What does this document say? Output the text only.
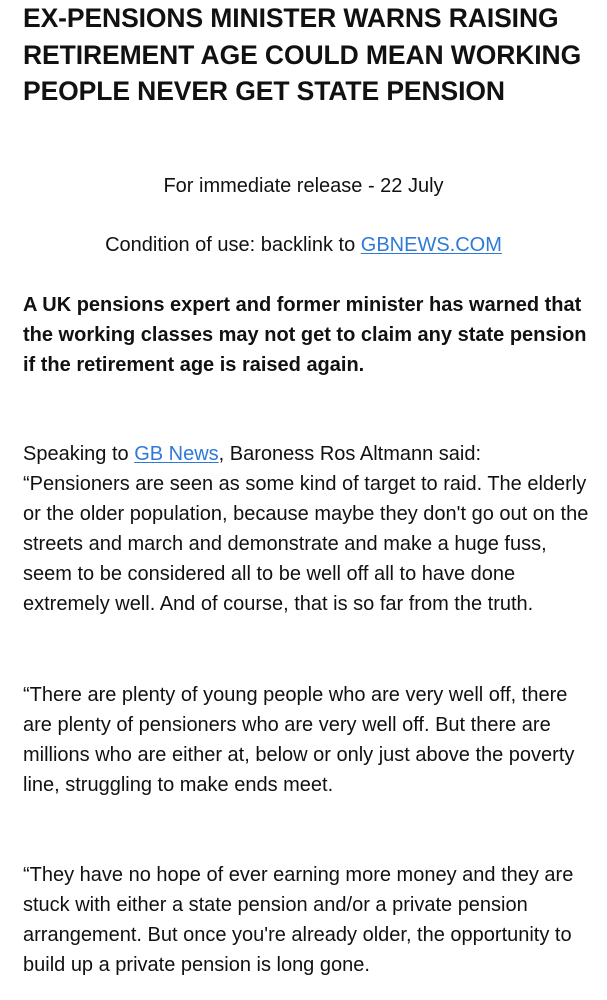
EX-PENSIONS MINISTER WARNS RAISING RETIREMENT AGE COULD MEAN WORKING PEOPLE NEVER GET STATE PENSION
For immediate release - 22 July
Condition of use: backlink to GBNEWS.COM

A UK pensions expert and former minister has warned that the working classes may not get to claim any state pension if the retirement age is raised again.

Speaking to GB News, Baroness Ros Altmann said: “Pensioners are seen as some kind of target to raid. The elderly or the older population, because maybe they don't go out on the streets and march and demonstrate and make a huge fuss, seem to be considered all to be well off all to have done extremely well. And of course, that is so far from the truth.

“There are plenty of young people who are very well off, there are plenty of pensioners who are very well off. But there are millions who are either at, below or only just above the poverty line, struggling to make ends meet.

“They have no hope of ever earning more money and they are stuck with either a state pension and/or a private pension arrangement. But once you're already older, the opportunity to build up a private pension is long gone.
